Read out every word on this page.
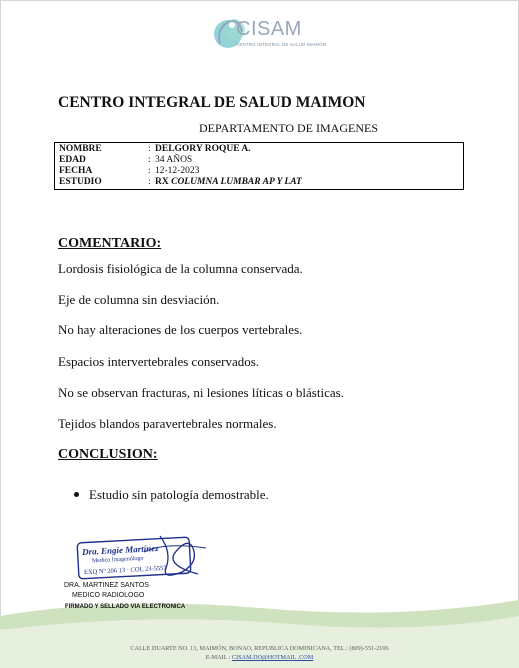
CISAM
CENTRO INTEGRAL DE SALUD MAIMON
CENTRO INTEGRAL DE SALUD MAIMON
DEPARTAMENTO DE IMAGENES
NOMBRE	: DELGORY ROQUE A.
EDAD	: 34 AÑOS
FECHA	: 12-12-2023
ESTUDIO	: RX COLUMNA LUMBAR AP Y LAT
COMENTARIO:
Lordosis fisiológica de la columna conservada.
Eje de columna sin desviación.
No hay alteraciones de los cuerpos vertebrales.
Espacios intervertebrales conservados.
No se observan fracturas, ni lesiones líticas o blásticas.
Tejidos blandos paravertebrales normales.
CONCLUSION:
Estudio sin patología demostrable.
Dra. Engie Martínez
Medico Imagenólogo
EXQ Nº 206 13 · COL 23-5557
DRA. MARTINEZ SANTOS
MEDICO RADIOLOGO
FIRMADO Y SELLADO VIA ELECTRONICA
CALLE DUARTE NO. 13, MAIMÓN, BONAO, REPUBLICA DOMINICANA, TEL.: (809)-551-2106
E-MAIL : CISAM.DO@HOTMAIL .COM
